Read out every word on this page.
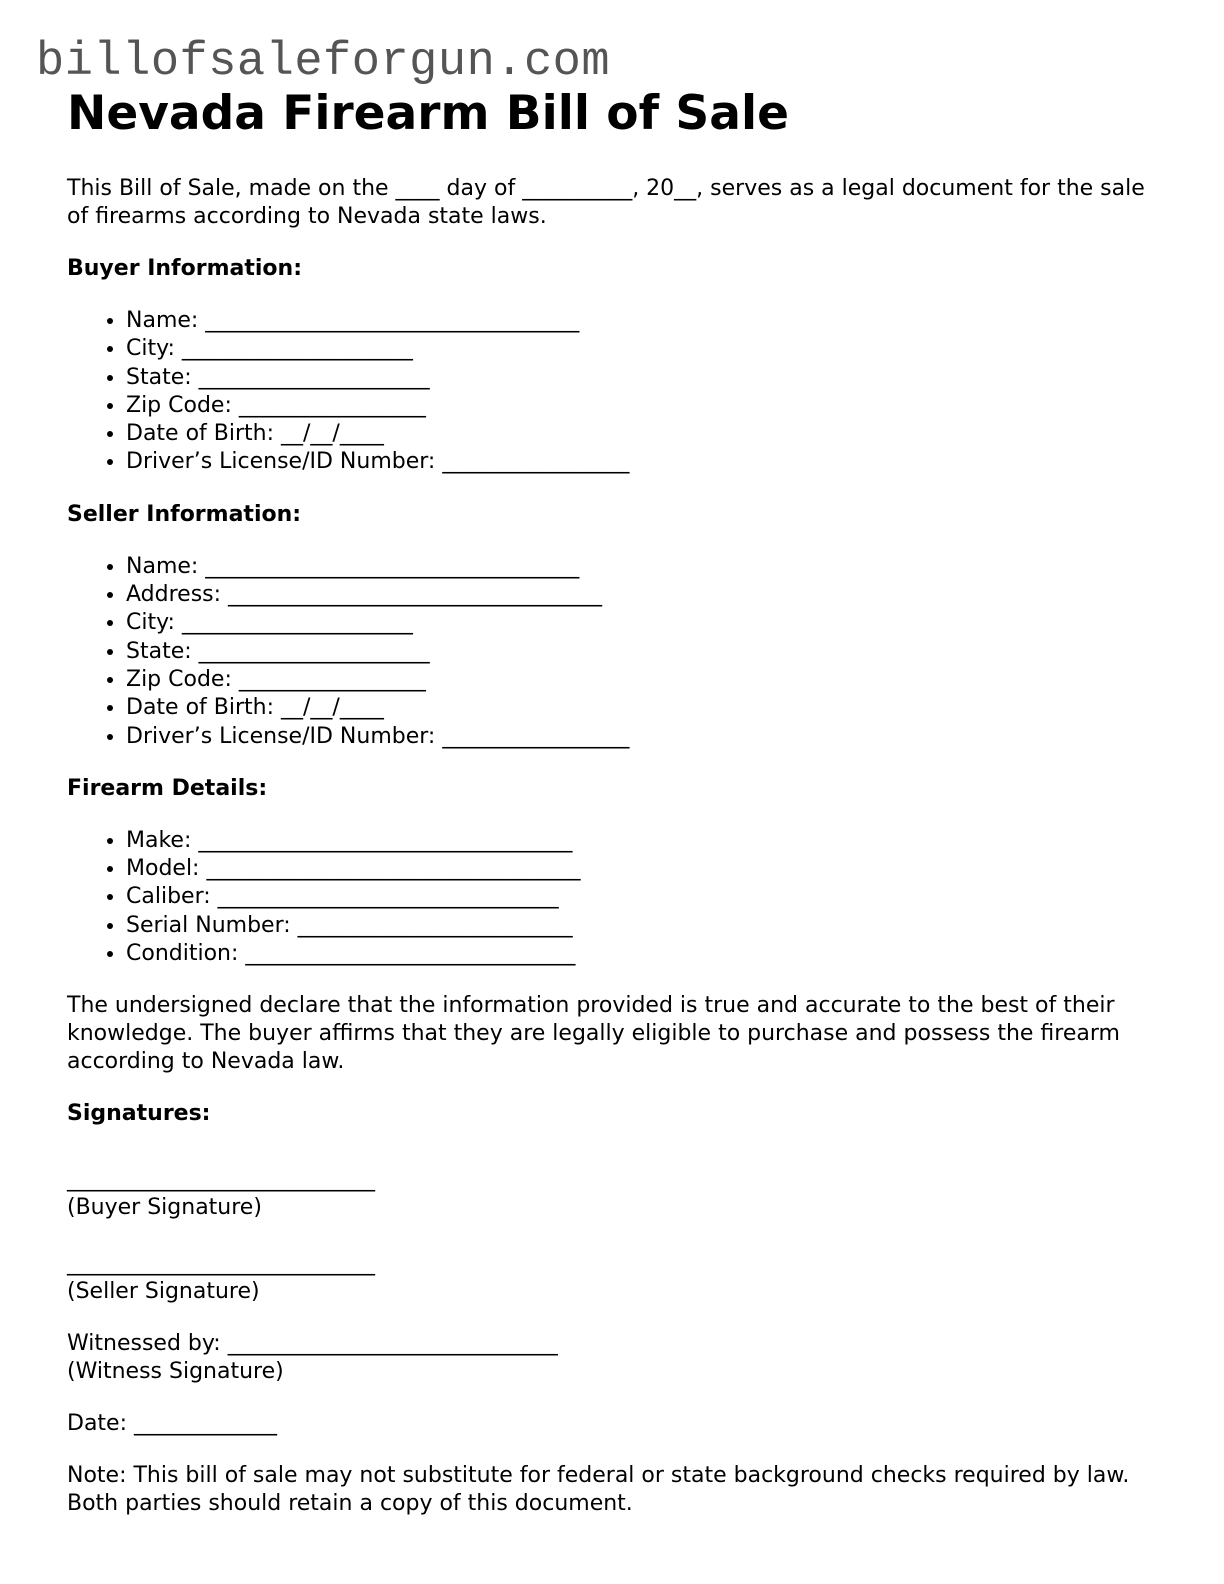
billofsaleforgun.com
Nevada Firearm Bill of Sale

This Bill of Sale, made on the ____ day of __________, 20__, serves as a legal document for the sale of firearms according to Nevada state laws.

Buyer Information:
• Name: __________________________________
• City: _____________________
• State: _____________________
• Zip Code: _________________
• Date of Birth: __/__/____
• Driver’s License/ID Number: _________________
Seller Information:
• Name: __________________________________
• Address: __________________________________
• City: _____________________
• State: _____________________
• Zip Code: _________________
• Date of Birth: __/__/____
• Driver’s License/ID Number: _________________
Firearm Details:
• Make: __________________________________
• Model: __________________________________
• Caliber: _______________________________
• Serial Number: _________________________
• Condition: ______________________________

The undersigned declare that the information provided is true and accurate to the best of their knowledge. The buyer affirms that they are legally eligible to purchase and possess the firearm according to Nevada law.

Signatures:

____________________________

(Buyer Signature)

____________________________

(Seller Signature)

Witnessed by: ______________________________

(Witness Signature)

Date: _____________

Note: This bill of sale may not substitute for federal or state background checks required by law. Both parties should retain a copy of this document.
